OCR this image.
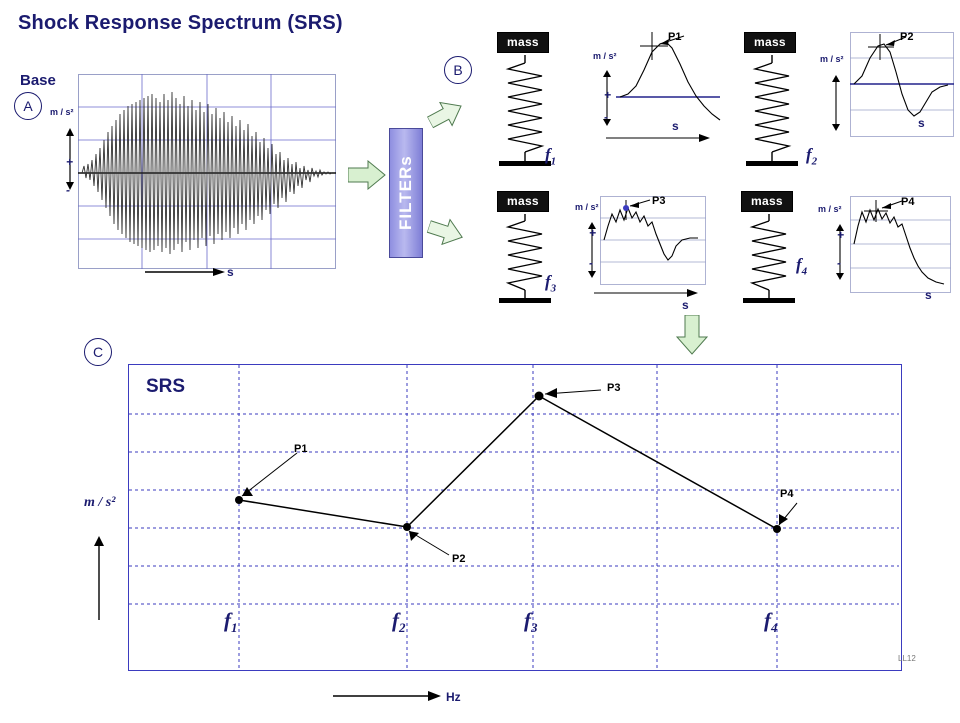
Shock Response Spectrum (SRS)
Base
A	m / s²
+
-
s
FILTERs
B
mass
$f_1$
m / s²
+
-
P1
s
mass
$f_2$
m / s²
P2
s
mass
$f_3$
m / s²
+
-
P3
s
mass
$f_4$
m / s²
+
-
P4
s
C
SRS
P1
P2
P3
P4
$f_1$	$f_2$	$f_3$	$f_4$
LL12
m / s²
Hz
